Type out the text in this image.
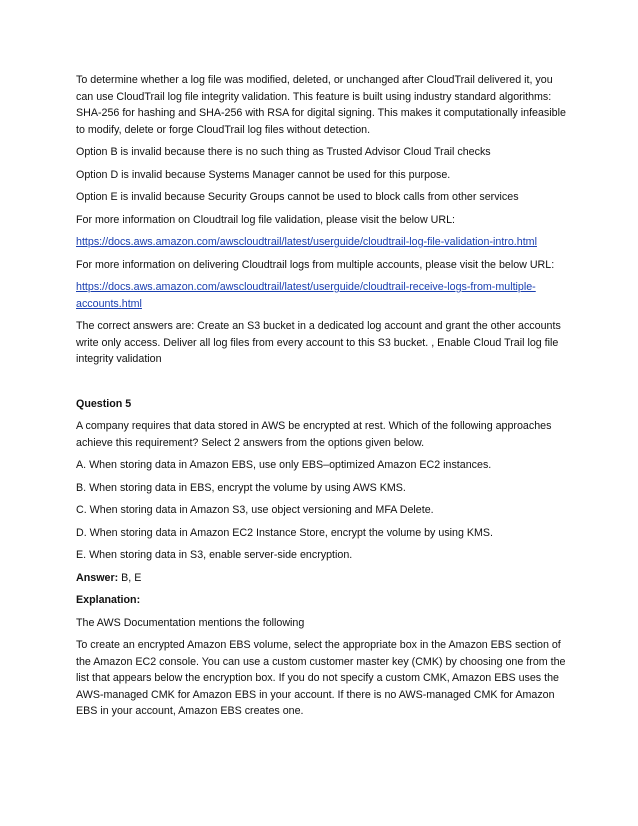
To determine whether a log file was modified, deleted, or unchanged after CloudTrail delivered it, you can use CloudTrail log file integrity validation. This feature is built using industry standard algorithms: SHA-256 for hashing and SHA-256 with RSA for digital signing. This makes it computationally infeasible to modify, delete or forge CloudTrail log files without detection.

Option B is invalid because there is no such thing as Trusted Advisor Cloud Trail checks

Option D is invalid because Systems Manager cannot be used for this purpose.

Option E is invalid because Security Groups cannot be used to block calls from other services

For more information on Cloudtrail log file validation, please visit the below URL:

https://docs.aws.amazon.com/awscloudtrail/latest/userguide/cloudtrail-log-file-validation-intro.html

For more information on delivering Cloudtrail logs from multiple accounts, please visit the below URL:

https://docs.aws.amazon.com/awscloudtrail/latest/userguide/cloudtrail-receive-logs-from-multiple-accounts.html

The correct answers are: Create an S3 bucket in a dedicated log account and grant the other accounts write only access. Deliver all log files from every account to this S3 bucket. , Enable Cloud Trail log file integrity validation

Question 5

A company requires that data stored in AWS be encrypted at rest. Which of the following approaches achieve this requirement? Select 2 answers from the options given below.

A. When storing data in Amazon EBS, use only EBS–optimized Amazon EC2 instances.

B. When storing data in EBS, encrypt the volume by using AWS KMS.

C. When storing data in Amazon S3, use object versioning and MFA Delete.

D. When storing data in Amazon EC2 Instance Store, encrypt the volume by using KMS.

E. When storing data in S3, enable server-side encryption.

Answer: B, E

Explanation:

The AWS Documentation mentions the following

To create an encrypted Amazon EBS volume, select the appropriate box in the Amazon EBS section of the Amazon EC2 console. You can use a custom customer master key (CMK) by choosing one from the list that appears below the encryption box. If you do not specify a custom CMK, Amazon EBS uses the AWS-managed CMK for Amazon EBS in your account. If there is no AWS-managed CMK for Amazon EBS in your account, Amazon EBS creates one.
